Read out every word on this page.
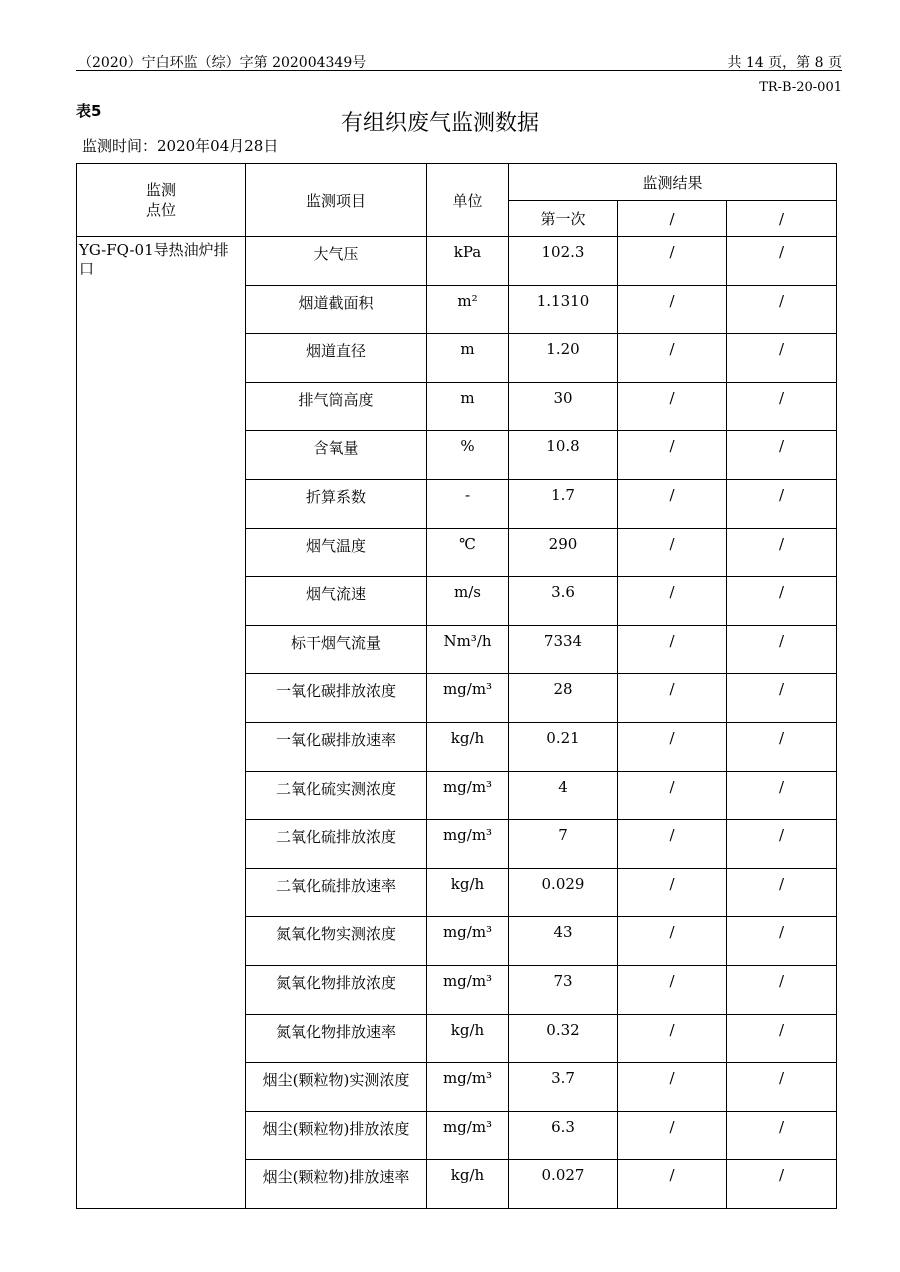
（2020）宁白环监（综）字第 202004349号	共 14 页，第 8 页
TR-B-20-001
表5	有组织废气监测数据
监测时间：2020年04月28日
监测
点位	监测项目	单位	监测结果		
			第一次	/	/
YG-FQ-01导热油炉排口	大气压	kPa	102.3	/	/
	烟道截面积	m²	1.1310	/	/
	烟道直径	m	1.20	/	/
	排气筒高度	m	30	/	/
	含氧量	%	10.8	/	/
	折算系数	-	1.7	/	/
	烟气温度	℃	290	/	/
	烟气流速	m/s	3.6	/	/
	标干烟气流量	Nm³/h	7334	/	/
	一氧化碳排放浓度	mg/m³	28	/	/
	一氧化碳排放速率	kg/h	0.21	/	/
	二氧化硫实测浓度	mg/m³	4	/	/
	二氧化硫排放浓度	mg/m³	7	/	/
	二氧化硫排放速率	kg/h	0.029	/	/
	氮氧化物实测浓度	mg/m³	43	/	/
	氮氧化物排放浓度	mg/m³	73	/	/
	氮氧化物排放速率	kg/h	0.32	/	/
	烟尘(颗粒物)实测浓度	mg/m³	3.7	/	/
	烟尘(颗粒物)排放浓度	mg/m³	6.3	/	/
	烟尘(颗粒物)排放速率	kg/h	0.027	/	/
